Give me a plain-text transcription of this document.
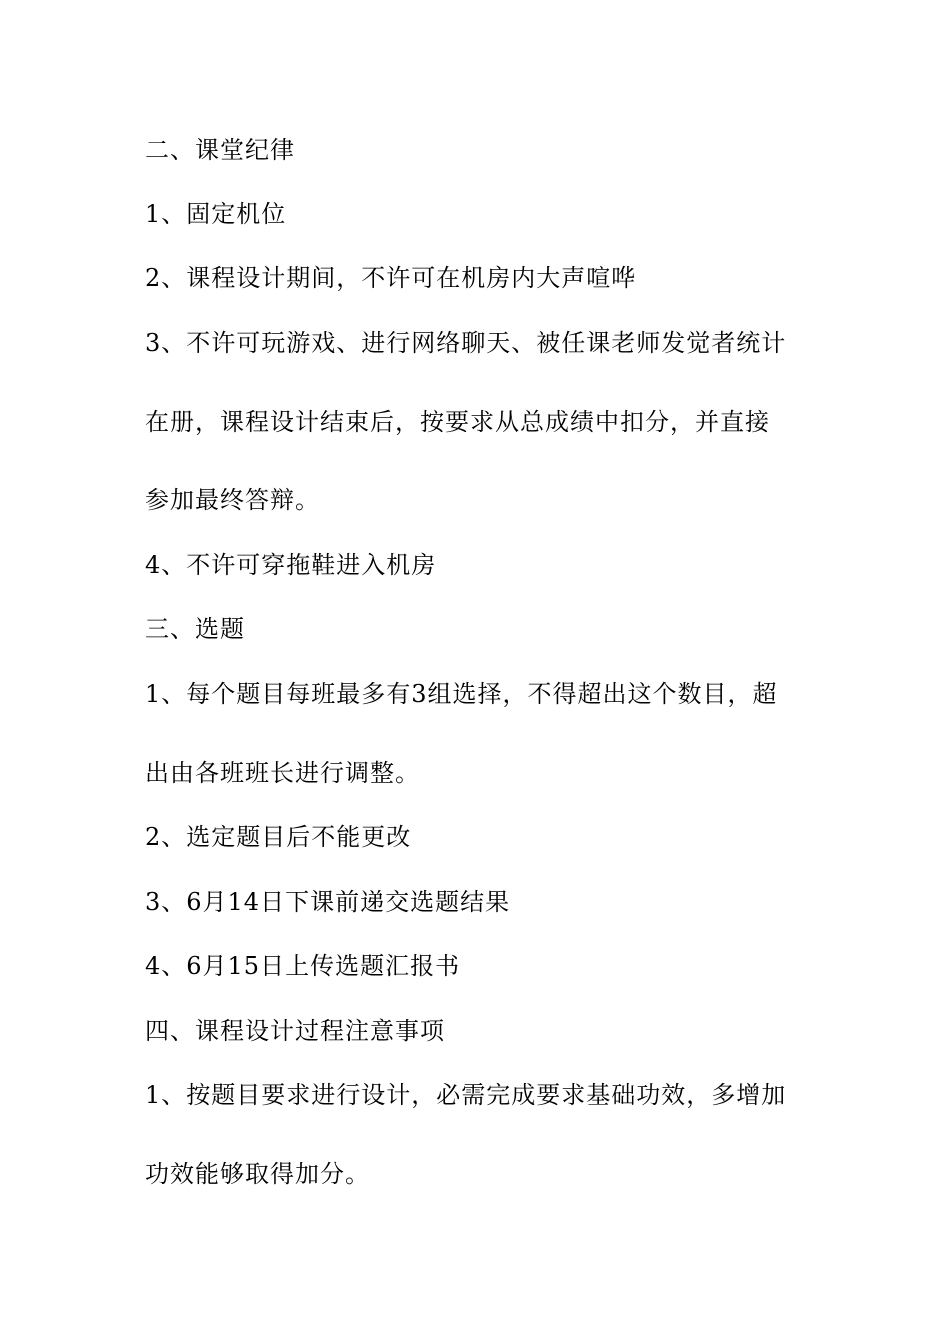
二、课堂纪律
1、固定机位
2、课程设计期间，不许可在机房内大声喧哗
3、不许可玩游戏、进行网络聊天、被任课老师发觉者统计
在册，课程设计结束后，按要求从总成绩中扣分，并直接
参加最终答辩。
4、不许可穿拖鞋进入机房
三、选题
1、每个题目每班最多有3组选择，不得超出这个数目，超
出由各班班长进行调整。
2、选定题目后不能更改
3、6月14日下课前递交选题结果
4、6月15日上传选题汇报书
四、课程设计过程注意事项
1、按题目要求进行设计，必需完成要求基础功效，多增加
功效能够取得加分。
